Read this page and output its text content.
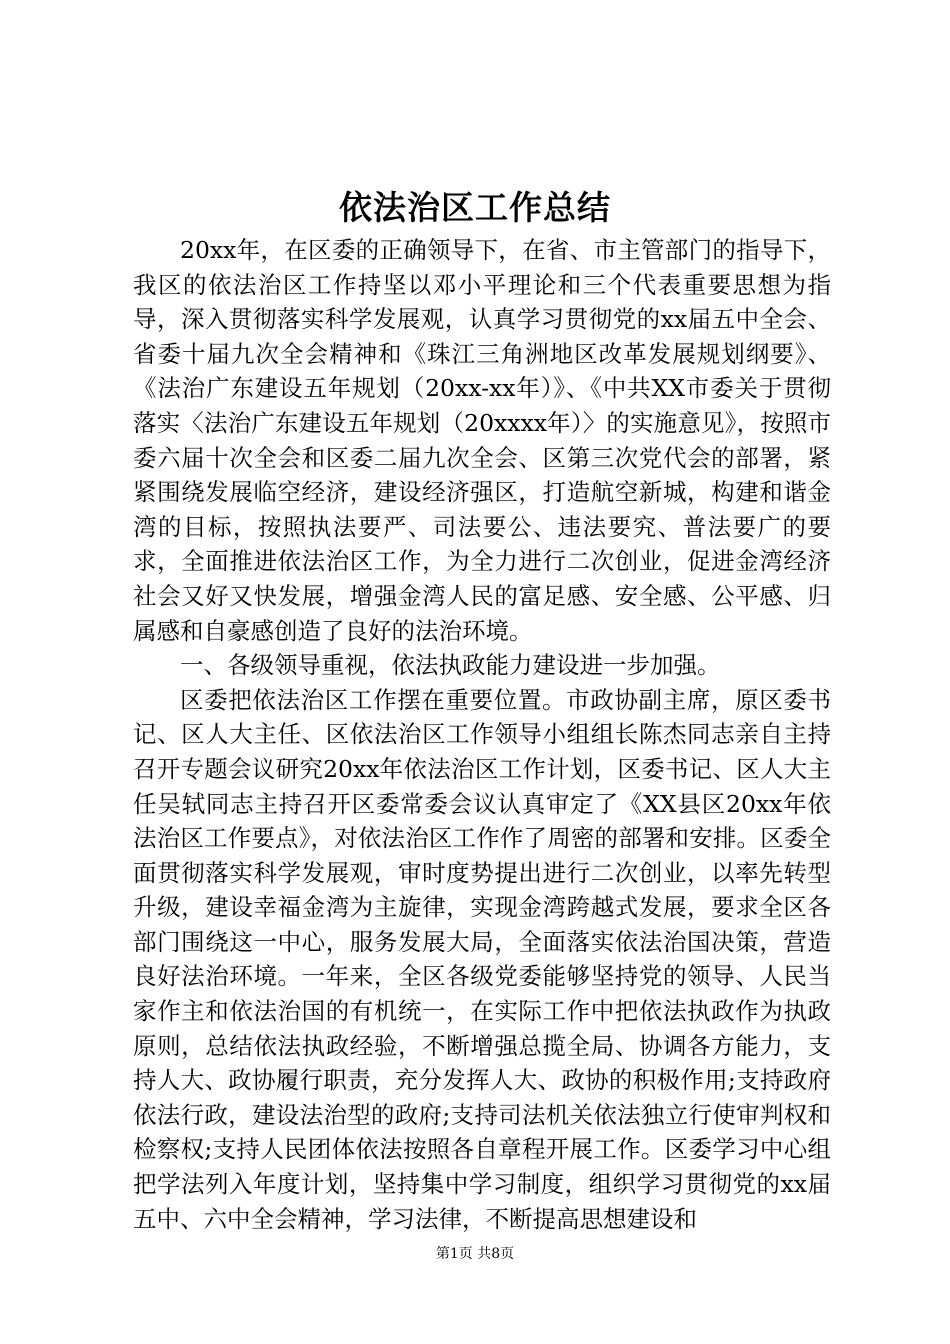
依法治区工作总结

20xx年，在区委的正确领导下，在省、市主管部门的指导下，我区的依法治区工作持坚以邓小平理论和三个代表重要思想为指导，深入贯彻落实科学发展观，认真学习贯彻党的xx届五中全会、省委十届九次全会精神和《珠江三角洲地区改革发展规划纲要》、《法治广东建设五年规划（20xx-xx年）》、《中共XX市委关于贯彻落实〈法治广东建设五年规划（20xxxx年）〉的实施意见》，按照市委六届十次全会和区委二届九次全会、区第三次党代会的部署，紧紧围绕发展临空经济，建设经济强区，打造航空新城，构建和谐金湾的目标，按照执法要严、司法要公、违法要究、普法要广的要求，全面推进依法治区工作，为全力进行二次创业，促进金湾经济社会又好又快发展，增强金湾人民的富足感、安全感、公平感、归属感和自豪感创造了良好的法治环境。

一、各级领导重视，依法执政能力建设进一步加强。

区委把依法治区工作摆在重要位置。市政协副主席，原区委书记、区人大主任、区依法治区工作领导小组组长陈杰同志亲自主持召开专题会议研究20xx年依法治区工作计划，区委书记、区人大主任吴轼同志主持召开区委常委会议认真审定了《XX县区20xx年依法治区工作要点》，对依法治区工作作了周密的部署和安排。区委全面贯彻落实科学发展观，审时度势提出进行二次创业，以率先转型升级，建设幸福金湾为主旋律，实现金湾跨越式发展，要求全区各部门围绕这一中心，服务发展大局，全面落实依法治国决策，营造良好法治环境。一年来，全区各级党委能够坚持党的领导、人民当家作主和依法治国的有机统一，在实际工作中把依法执政作为执政原则，总结依法执政经验，不断增强总揽全局、协调各方能力，支持人大、政协履行职责，充分发挥人大、政协的积极作用;支持政府依法行政，建设法治型的政府;支持司法机关依法独立行使审判权和检察权;支持人民团体依法按照各自章程开展工作。区委学习中心组把学法列入年度计划，坚持集中学习制度，组织学习贯彻党的xx届五中、六中全会精神，学习法律，不断提高思想建设和

第1页 共8页
